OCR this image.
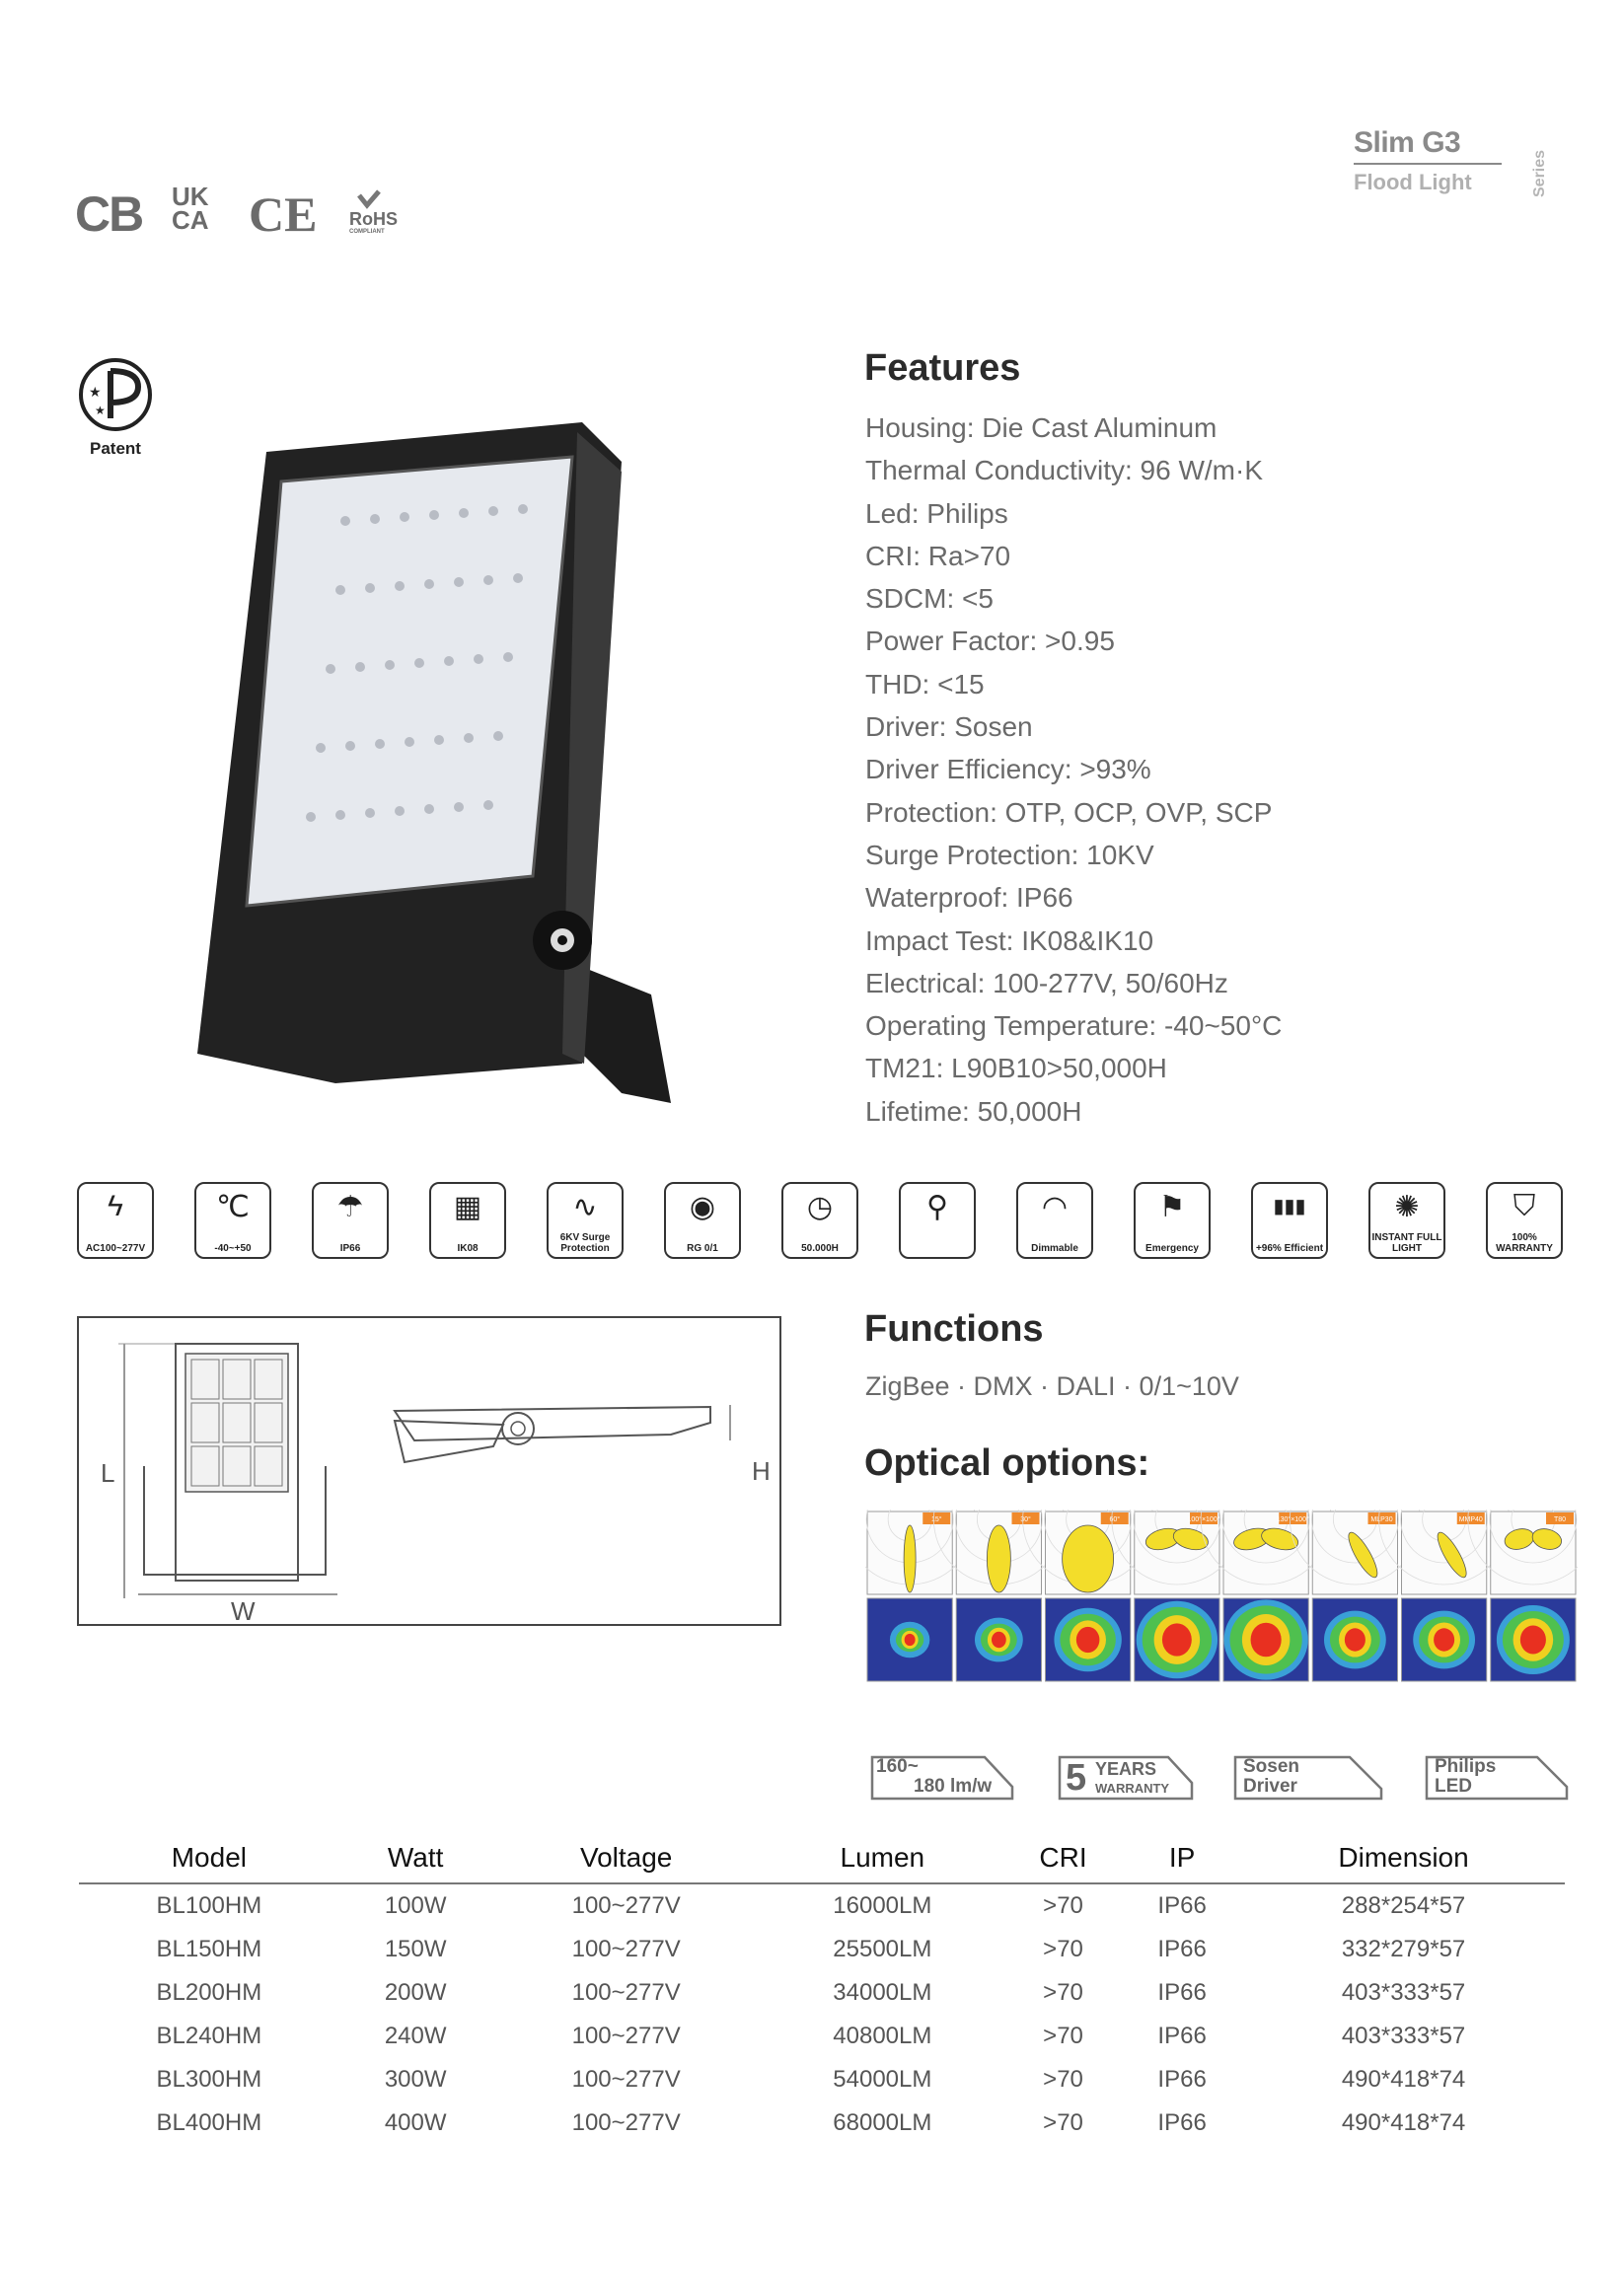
Slim G3
Flood Light	Series
CB UK
CA CE RoHS
COMPLIANT
★
★
Patent
Features
Housing: Die Cast Aluminum
Thermal Conductivity: 96 W/m·K
Led: Philips
CRI: Ra>70
SDCM: <5
Power Factor: >0.95
THD: <15
Driver: Sosen
Driver Efficiency: >93%
Protection: OTP, OCP, OVP, SCP
Surge Protection: 10KV
Waterproof: IP66
Impact Test: IK08&IK10
Electrical: 100-277V, 50/60Hz
Operating Temperature: -40~50°C
TM21: L90B10>50,000H
Lifetime: 50,000H
ϟ
AC100~277V
℃
-40~+50
☂
IP66
▦
IK08
∿
6KV Surge Protection
◉
RG 0/1
◷
50.000H
⚲	◠
Dimmable
⚑
Emergency
▮▮▮
+96% Efficient
✺
INSTANT FULL LIGHT
⛉
100% WARRANTY
L
W
H
Functions
ZigBee · DMX · DALI · 0/1~10V
Optical options:
15°	30°	60°	100°×100°	130°×100°	MLP30	MMP40	T80
160~
180 lm/w 5 YEARS
WARRANTY
Sosen
Driver
Philips
LED
Model	Watt	Voltage	Lumen	CRI	IP	Dimension
BL100HM	100W	100~277V	16000LM	>70	IP66	288*254*57
BL150HM	150W	100~277V	25500LM	>70	IP66	332*279*57
BL200HM	200W	100~277V	34000LM	>70	IP66	403*333*57
BL240HM	240W	100~277V	40800LM	>70	IP66	403*333*57
BL300HM	300W	100~277V	54000LM	>70	IP66	490*418*74
BL400HM	400W	100~277V	68000LM	>70	IP66	490*418*74
